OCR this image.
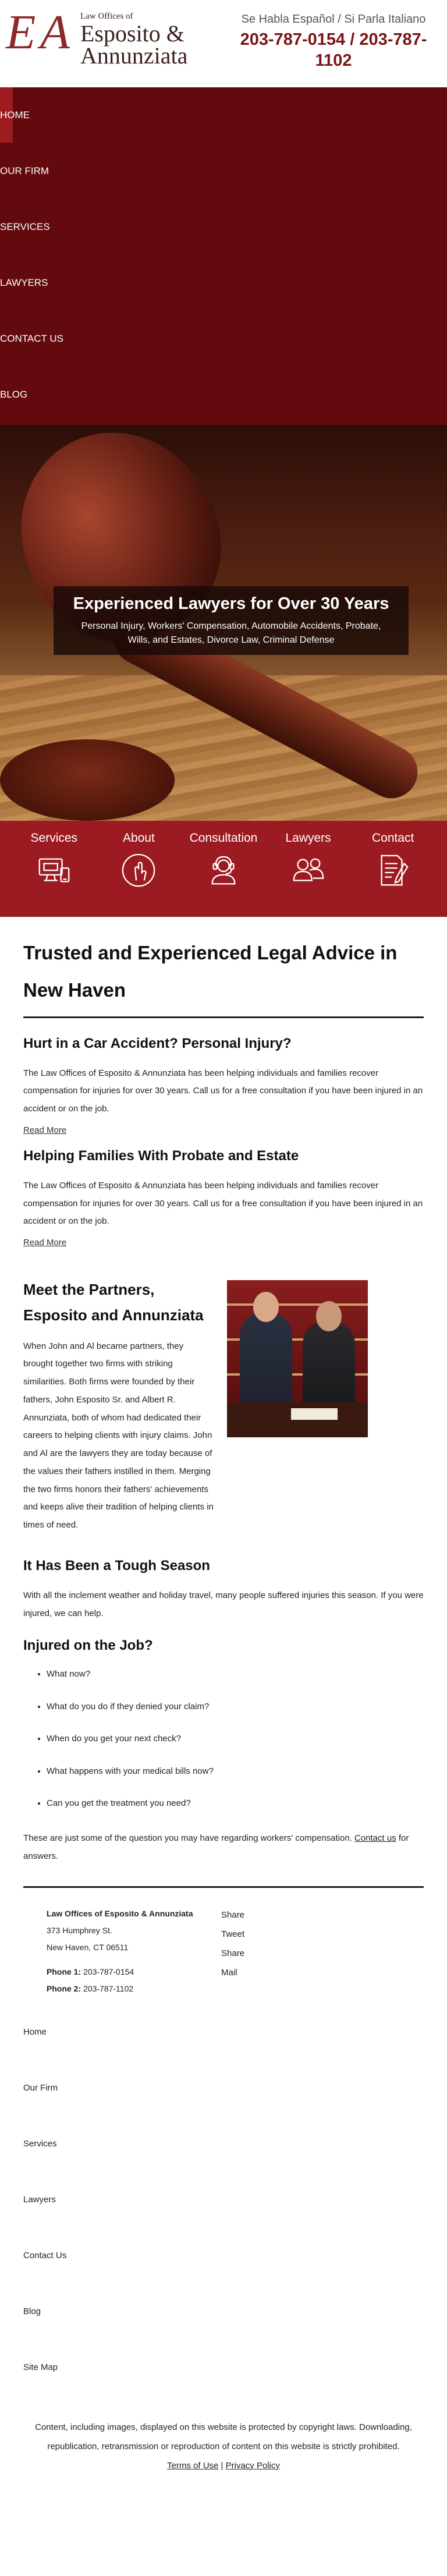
E A Law Offices of
Esposito &
Annunziata
Se Habla Español / Si Parla Italiano
203-787-0154 / 203-787-1102
HOME
OUR FIRM
SERVICES
LAWYERS
CONTACT US
BLOG
Experienced Lawyers for Over 30 Years

Personal Injury, Workers' Compensation, Automobile Accidents, Probate, Wills, and Estates, Divorce Law, Criminal Defense

Services	About	Consultation	Lawyers	Contact
Trusted and Experienced Legal Advice in New Haven
Hurt in a Car Accident? Personal Injury?

The Law Offices of Esposito & Annunziata has been helping individuals and families recover compensation for injuries for over 30 years. Call us for a free consultation if you have been injured in an accident or on the job.

Read More
Helping Families With Probate and Estate

The Law Offices of Esposito & Annunziata has been helping individuals and families recover compensation for injuries for over 30 years. Call us for a free consultation if you have been injured in an accident or on the job.

Read More
Meet the Partners, Esposito and Annunziata

When John and Al became partners, they brought together two firms with striking similarities. Both firms were founded by their fathers, John Esposito Sr. and Albert R. Annunziata, both of whom had dedicated their careers to helping clients with injury claims. John and Al are the lawyers they are today because of the values their fathers instilled in them. Merging the two firms honors their fathers' achievements and keeps alive their tradition of helping clients in times of need.

It Has Been a Tough Season

With all the inclement weather and holiday travel, many people suffered injuries this season. If you were injured, we can help.

Injured on the Job?
• What now?
• What do you do if they denied your claim?
• When do you get your next check?
• What happens with your medical bills now?
• Can you get the treatment you need?

These are just some of the question you may have regarding workers' compensation. Contact us for answers.

Law Offices of Esposito & Annunziata
373 Humphrey St.
New Haven, CT 06511
Phone 1: 203-787-0154
Phone 2: 203-787-1102
Share
Tweet
Share
Mail
Home
Our Firm
Services
Lawyers
Contact Us
Blog
Site Map
Content, including images, displayed on this website is protected by copyright laws. Downloading, republication, retransmission or reproduction of content on this website is strictly prohibited. Terms of Use | Privacy Policy
